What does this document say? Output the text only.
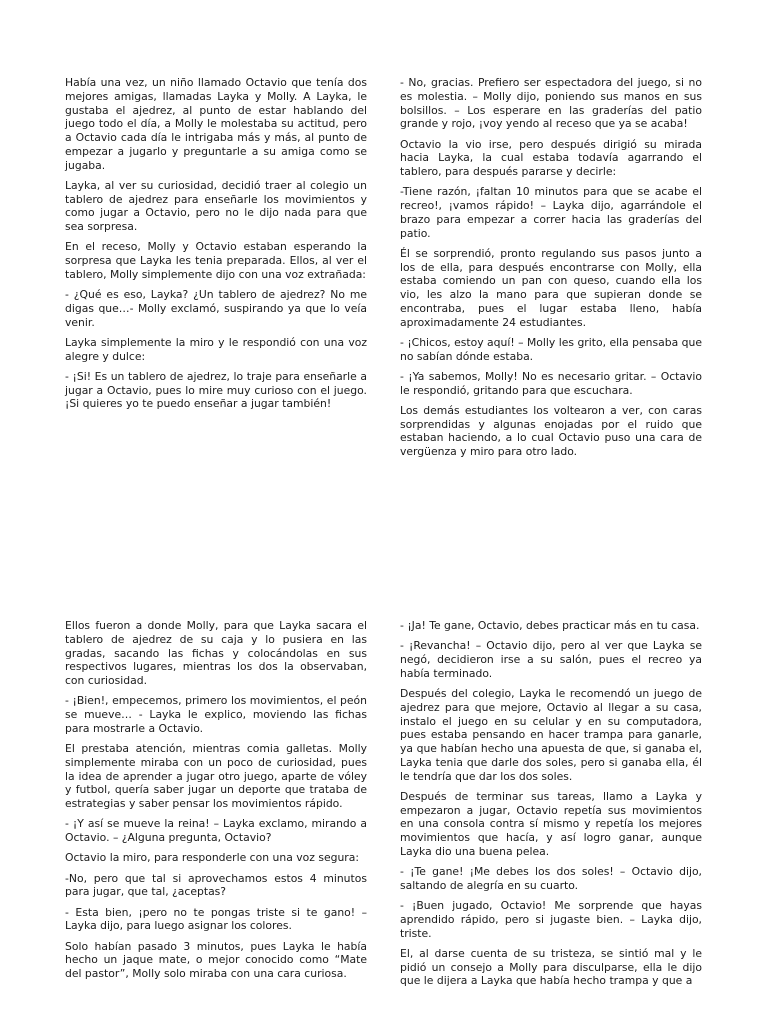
Había una vez, un niño llamado Octavio que tenía dos mejores amigas, llamadas Layka y Molly. A Layka, le gustaba el ajedrez, al punto de estar hablando del juego todo el día, a Molly le molestaba su actitud, pero a Octavio cada día le intrigaba más y más, al punto de empezar a jugarlo y preguntarle a su amiga como se jugaba.

Layka, al ver su curiosidad, decidió traer al colegio un tablero de ajedrez para enseñarle los movimientos y como jugar a Octavio, pero no le dijo nada para que sea sorpresa.

En el receso, Molly y Octavio estaban esperando la sorpresa que Layka les tenia preparada. Ellos, al ver el tablero, Molly simplemente dijo con una voz extrañada:

- ¿Qué es eso, Layka? ¿Un tablero de ajedrez? No me digas que…- Molly exclamó, suspirando ya que lo veía venir.

Layka simplemente la miro y le respondió con una voz alegre y dulce:

- ¡Si! Es un tablero de ajedrez, lo traje para enseñarle a jugar a Octavio, pues lo mire muy curioso con el juego. ¡Si quieres yo te puedo enseñar a jugar también!

- No, gracias. Prefiero ser espectadora del juego, si no es molestia. – Molly dijo, poniendo sus manos en sus bolsillos. – Los esperare en las graderías del patio grande y rojo, ¡voy yendo al receso que ya se acaba!

Octavio la vio irse, pero después dirigió su mirada hacia Layka, la cual estaba todavía agarrando el tablero, para después pararse y decirle:

-Tiene razón, ¡faltan 10 minutos para que se acabe el recreo!, ¡vamos rápido! – Layka dijo, agarrándole el brazo para empezar a correr hacia las graderías del patio.

Él se sorprendió, pronto regulando sus pasos junto a los de ella, para después encontrarse con Molly, ella estaba comiendo un pan con queso, cuando ella los vio, les alzo la mano para que supieran donde se encontraba, pues el lugar estaba lleno, había aproximadamente 24 estudiantes.

- ¡Chicos, estoy aquí! – Molly les grito, ella pensaba que no sabían dónde estaba.

- ¡Ya sabemos, Molly! No es necesario gritar. – Octavio le respondió, gritando para que escuchara.

Los demás estudiantes los voltearon a ver, con caras sorprendidas y algunas enojadas por el ruido que estaban haciendo, a lo cual Octavio puso una cara de vergüenza y miro para otro lado.

Ellos fueron a donde Molly, para que Layka sacara el tablero de ajedrez de su caja y lo pusiera en las gradas, sacando las fichas y colocándolas en sus respectivos lugares, mientras los dos la observaban, con curiosidad.

- ¡Bien!, empecemos, primero los movimientos, el peón se mueve… - Layka le explico, moviendo las fichas para mostrarle a Octavio.

El prestaba atención, mientras comia galletas. Molly simplemente miraba con un poco de curiosidad, pues la idea de aprender a jugar otro juego, aparte de vóley y futbol, quería saber jugar un deporte que trataba de estrategias y saber pensar los movimientos rápido.

- ¡Y así se mueve la reina! – Layka exclamo, mirando a Octavio. – ¿Alguna pregunta, Octavio?

Octavio la miro, para responderle con una voz segura:

-No, pero que tal si aprovechamos estos 4 minutos para jugar, que tal, ¿aceptas?

- Esta bien, ¡pero no te pongas triste si te gano! – Layka dijo, para luego asignar los colores.

Solo habían pasado 3 minutos, pues Layka le había hecho un jaque mate, o mejor conocido como “Mate del pastor”, Molly solo miraba con una cara curiosa.

- ¡Ja! Te gane, Octavio, debes practicar más en tu casa.

- ¡Revancha! – Octavio dijo, pero al ver que Layka se negó, decidieron irse a su salón, pues el recreo ya había terminado.

Después del colegio, Layka le recomendó un juego de ajedrez para que mejore, Octavio al llegar a su casa, instalo el juego en su celular y en su computadora, pues estaba pensando en hacer trampa para ganarle, ya que habían hecho una apuesta de que, si ganaba el, Layka tenia que darle dos soles, pero si ganaba ella, él le tendría que dar los dos soles.

Después de terminar sus tareas, llamo a Layka y empezaron a jugar, Octavio repetía sus movimientos en una consola contra sí mismo y repetía los mejores movimientos que hacía, y así logro ganar, aunque Layka dio una buena pelea.

- ¡Te gane! ¡Me debes los dos soles! – Octavio dijo, saltando de alegría en su cuarto.

- ¡Buen jugado, Octavio! Me sorprende que hayas aprendido rápido, pero si jugaste bien. – Layka dijo, triste.

El, al darse cuenta de su tristeza, se sintió mal y le pidió un consejo a Molly para disculparse, ella le dijo que le dijera a Layka que había hecho trampa y que a
